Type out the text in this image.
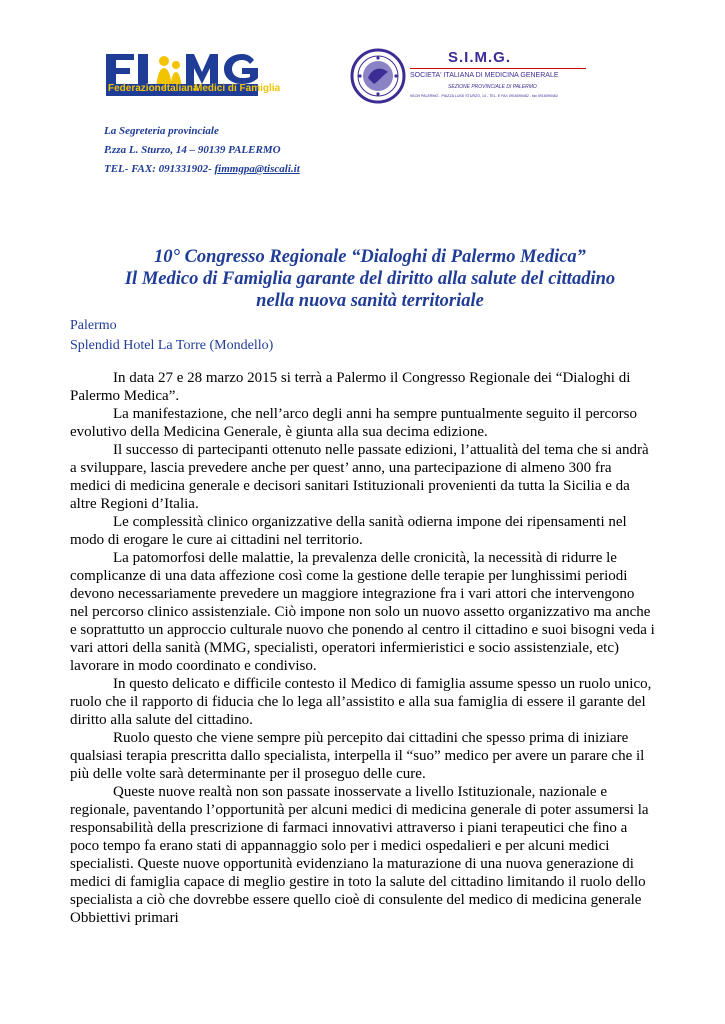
Federazione
Italiana
Medici di Famiglia
La Segreteria provinciale
P.zza L. Sturzo, 14 – 90139 PALERMO
TEL- FAX: 091331902- fimmgpa@tiscali.it
S.I.M.G.
SOCIETA' ITALIANA DI MEDICINA GENERALE
SEZIONE PROVINCIALE DI PALERMO
90139 PALERMO - PIAZZA LUIGI STURZO, 14 - TEL. E FAX 0916090462 - fax 0916090462
10° Congresso Regionale “Dialoghi di Palermo Medica”
Il Medico di Famiglia garante del diritto alla salute del cittadino
nella nuova sanità territoriale
Palermo
Splendid Hotel La Torre (Mondello)

In data 27 e 28 marzo 2015 si terrà a Palermo il Congresso Regionale dei “Dialoghi di Palermo Medica”.

La manifestazione, che nell’arco degli anni ha sempre puntualmente seguito il percorso evolutivo della Medicina Generale, è giunta alla sua decima edizione.

Il successo di partecipanti ottenuto nelle passate edizioni, l’attualità del tema che si andrà a sviluppare, lascia prevedere anche per quest’ anno, una partecipazione di almeno 300 fra medici di medicina generale e decisori sanitari Istituzionali provenienti da tutta la Sicilia e da altre Regioni d’Italia.

Le complessità clinico organizzative della sanità odierna impone dei ripensamenti nel modo di erogare le cure ai cittadini nel territorio.

La patomorfosi delle malattie, la prevalenza delle cronicità, la necessità di ridurre le complicanze di una data affezione così come la gestione delle terapie per lunghissimi periodi devono necessariamente prevedere un maggiore integrazione fra i vari attori che intervengono nel percorso clinico assistenziale. Ciò impone non solo un nuovo assetto organizzativo ma anche e soprattutto un approccio culturale nuovo che ponendo al centro il cittadino e suoi bisogni veda i vari attori della sanità (MMG, specialisti, operatori infermieristici e socio assistenziale, etc) lavorare in modo coordinato e condiviso.

In questo delicato e difficile contesto il Medico di famiglia assume spesso un ruolo unico, ruolo che il rapporto di fiducia che lo lega all’assistito e alla sua famiglia di essere il garante del diritto alla salute del cittadino.

Ruolo questo che viene sempre più percepito dai cittadini che spesso prima di iniziare qualsiasi terapia prescritta dallo specialista, interpella il “suo” medico per avere un parare che il più delle volte sarà determinante per il proseguo delle cure.

Queste nuove realtà non son passate inosservate a livello Istituzionale, nazionale e regionale, paventando l’opportunità per alcuni medici di medicina generale di poter assumersi la responsabilità della prescrizione di farmaci innovativi attraverso i piani terapeutici che fino a poco tempo fa erano stati di appannaggio solo per i medici ospedalieri e per alcuni medici specialisti. Queste nuove opportunità evidenziano la maturazione di una nuova generazione di medici di famiglia capace di meglio gestire in toto la salute del cittadino limitando il ruolo dello specialista a ciò che dovrebbe essere quello cioè di consulente del medico di medicina generale

Obbiettivi primari
